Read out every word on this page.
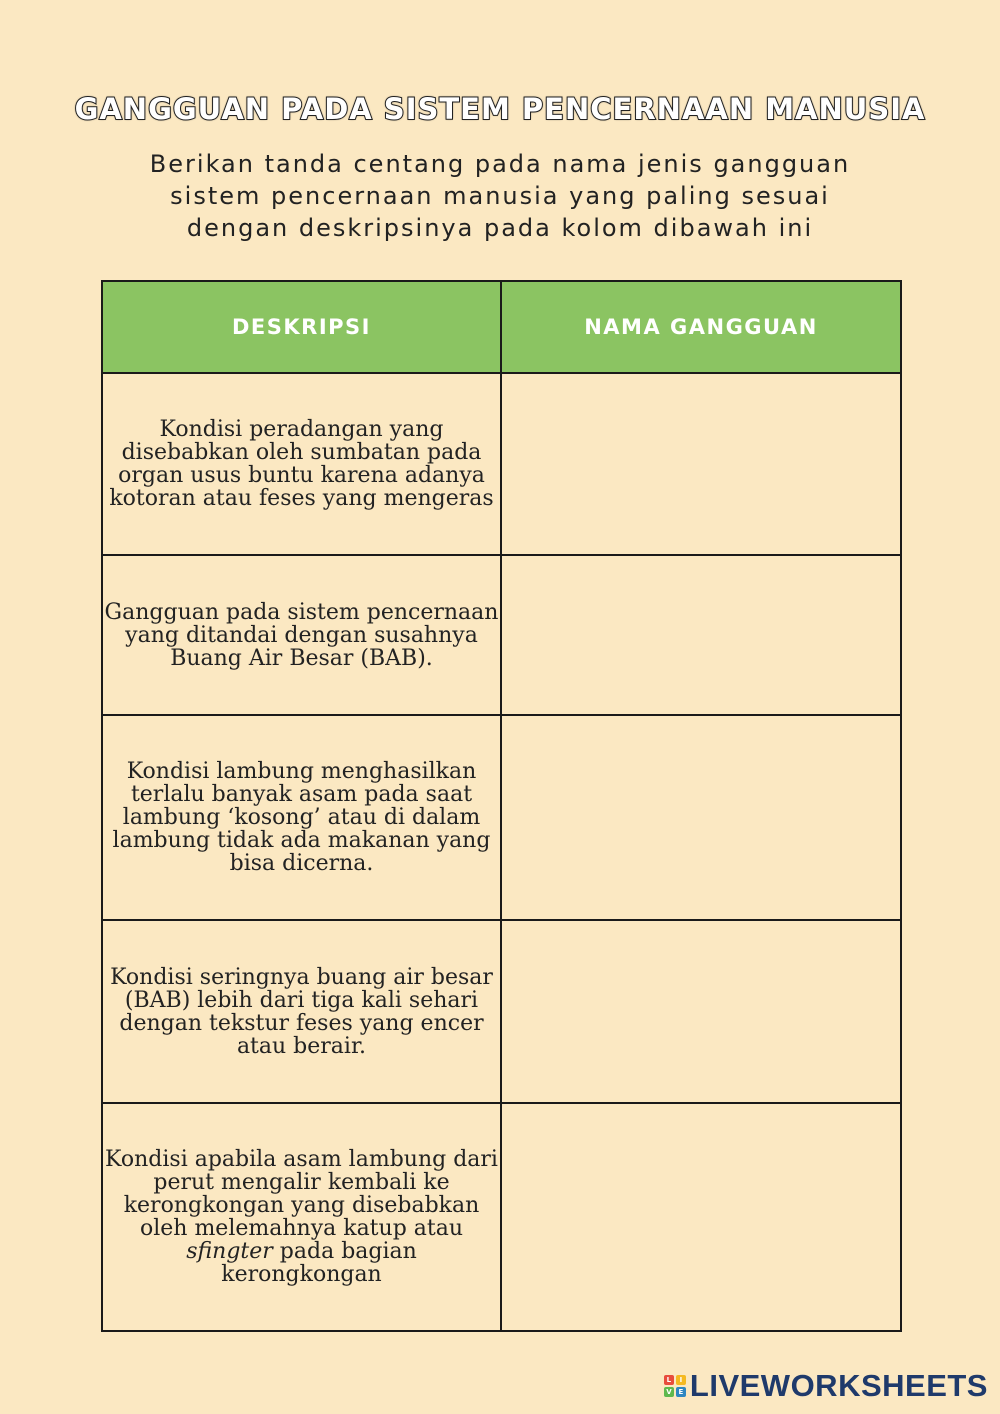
GANGGUAN PADA SISTEM PENCERNAAN MANUSIA
Berikan tanda centang pada nama jenis gangguan sistem pencernaan manusia yang paling sesuai dengan deskripsinya pada kolom dibawah ini
DESKRIPSI	NAMA GANGGUAN
Kondisi peradangan yang disebabkan oleh sumbatan pada organ usus buntu karena adanya kotoran atau feses yang mengeras	

Gangguan pada sistem pencernaan yang ditandai dengan susahnya Buang Air Besar (BAB).	

Kondisi lambung menghasilkan terlalu banyak asam pada saat lambung ‘kosong’ atau di dalam lambung tidak ada makanan yang bisa dicerna.	

Kondisi seringnya buang air besar (BAB) lebih dari tiga kali sehari dengan tekstur feses yang encer atau berair.	

Kondisi apabila asam lambung dari perut mengalir kembali ke kerongkongan yang disebabkan oleh melemahnya katup atau sfingter pada bagian kerongkongan	
L	I
V E LIVEWORKSHEETS
